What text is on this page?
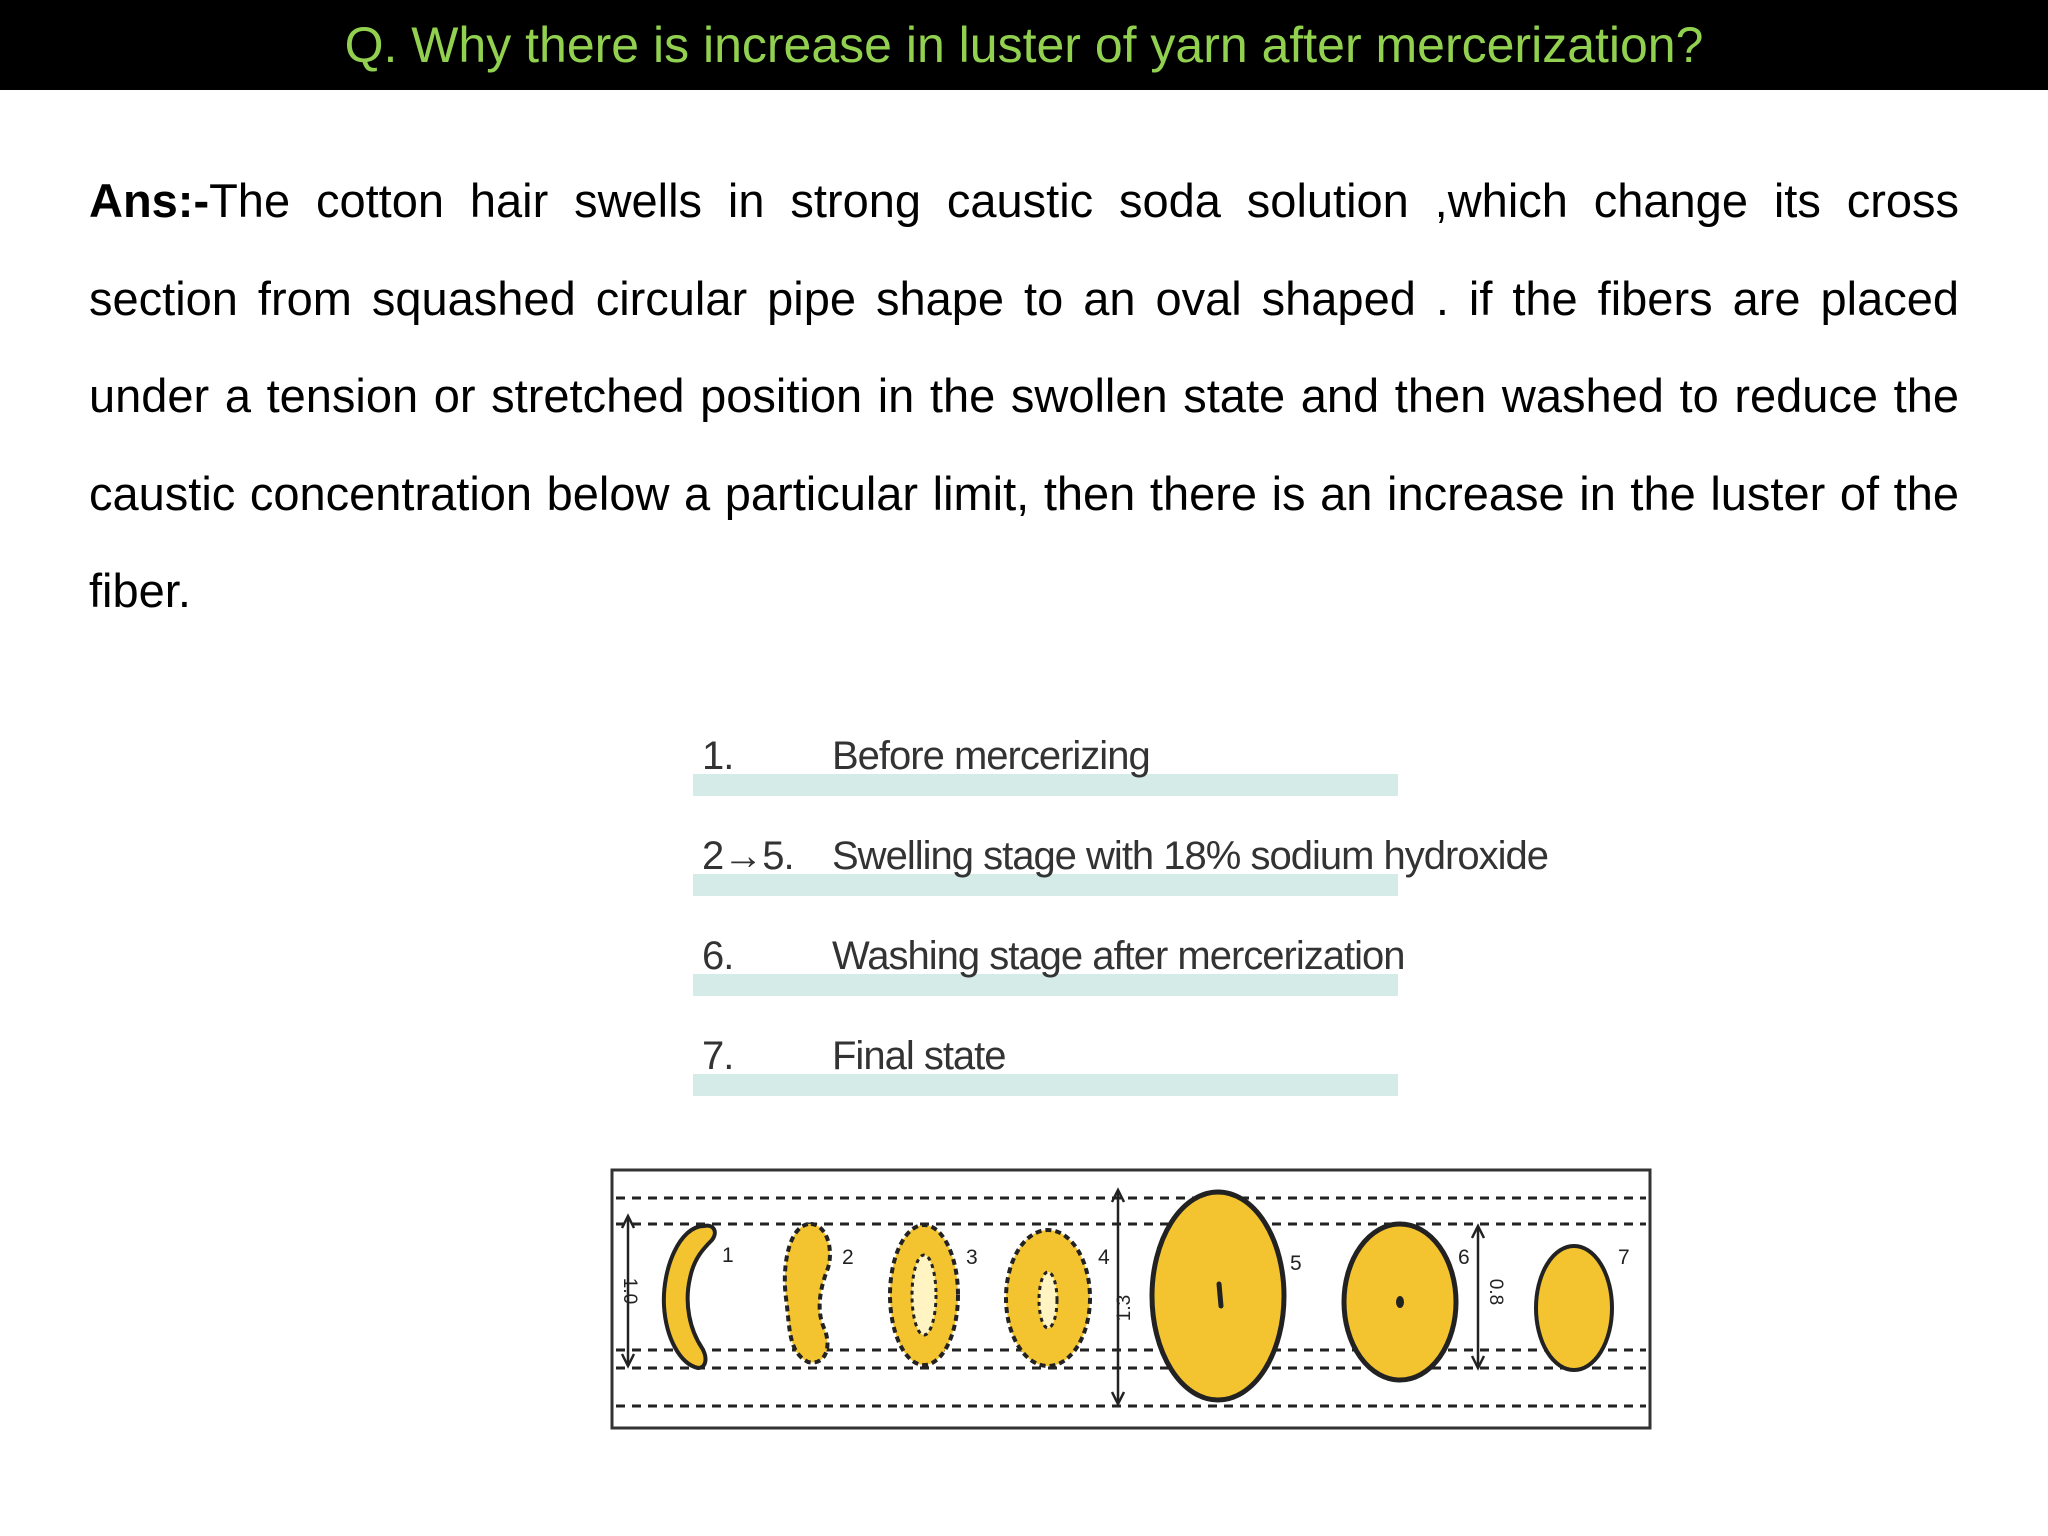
Q. Why there is increase in luster of yarn after mercerization?
Ans:-The cotton hair swells in strong caustic soda solution ,which change its cross section from squashed circular pipe shape to an oval shaped . if the fibers are placed under a tension or stretched position in the swollen state and then washed to reduce the caustic concentration below a particular limit, then there is an increase in the luster of the fiber.
1. Before mercerizing
2→5. Swelling stage with 18% sodium hydroxide
6. Washing stage after mercerization
7. Final state
1.0
1.3
0.8
1	2	3	4	5	6	7
